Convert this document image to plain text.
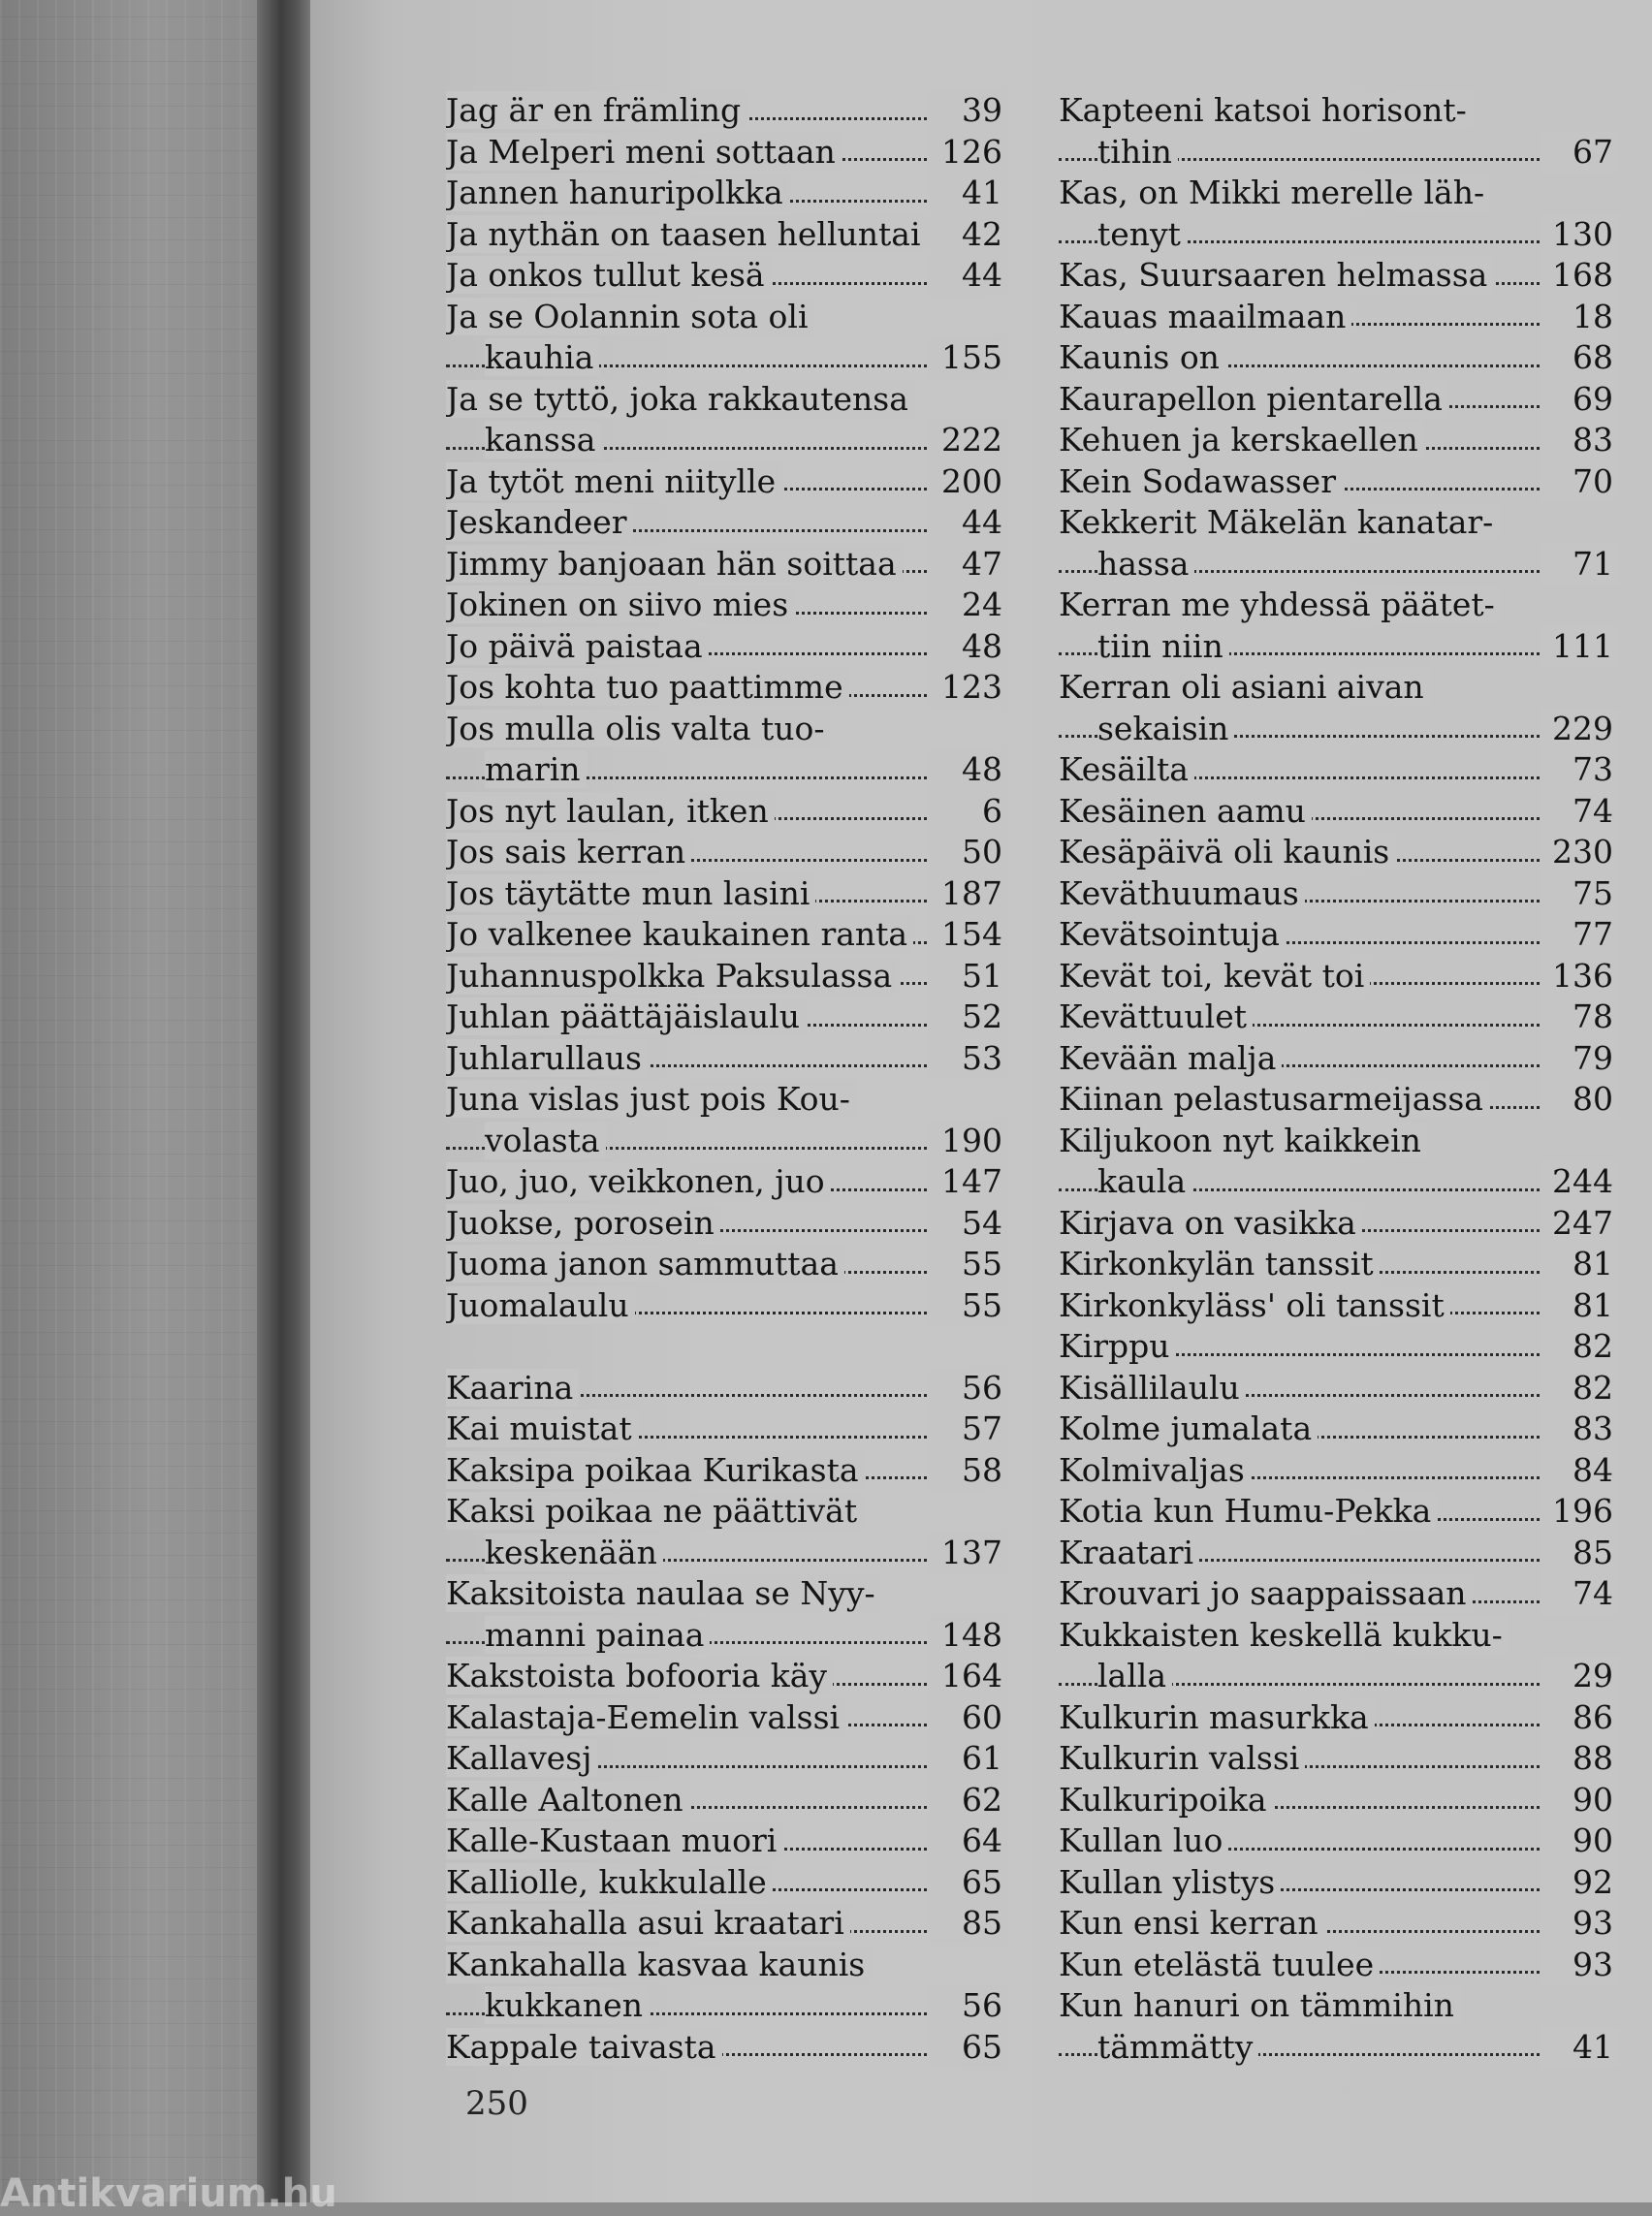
Jag är en främling	39
Ja Melperi meni sottaan	126
Jannen hanuripolkka	41
Ja nythän on taasen helluntai	42
Ja onkos tullut kesä	44
Ja se Oolannin sota oli
kauhia	155
Ja se tyttö, joka rakkautensa
kanssa	222
Ja tytöt meni niitylle	200
Jeskandeer	44
Jimmy banjoaan hän soittaa	47
Jokinen on siivo mies	24
Jo päivä paistaa	48
Jos kohta tuo paattimme	123
Jos mulla olis valta tuo-
marin	48
Jos nyt laulan, itken	6
Jos sais kerran	50
Jos täytätte mun lasini	187
Jo valkenee kaukainen ranta	154
Juhannuspolkka Paksulassa	51
Juhlan päättäjäislaulu	52
Juhlarullaus	53
Juna vislas just pois Kou-
volasta	190
Juo, juo, veikkonen, juo	147
Juokse, porosein	54
Juoma janon sammuttaa	55
Juomalaulu	55
Kaarina	56
Kai muistat	57
Kaksipa poikaa Kurikasta	58
Kaksi poikaa ne päättivät
keskenään	137
Kaksitoista naulaa se Nyy-
manni painaa	148
Kakstoista bofooria käy	164
Kalastaja-Eemelin valssi	60
Kallavesj	61
Kalle Aaltonen	62
Kalle-Kustaan muori	64
Kalliolle, kukkulalle	65
Kankahalla asui kraatari	85
Kankahalla kasvaa kaunis
kukkanen	56
Kappale taivasta	65
Kapteeni katsoi horisont-
tihin	67
Kas, on Mikki merelle läh-
tenyt	130
Kas, Suursaaren helmassa	168
Kauas maailmaan	18
Kaunis on	68
Kaurapellon pientarella	69
Kehuen ja kerskaellen	83
Kein Sodawasser	70
Kekkerit Mäkelän kanatar-
hassa	71
Kerran me yhdessä päätet-
tiin niin	111
Kerran oli asiani aivan
sekaisin	229
Kesäilta	73
Kesäinen aamu	74
Kesäpäivä oli kaunis	230
Keväthuumaus	75
Kevätsointuja	77
Kevät toi, kevät toi	136
Kevättuulet	78
Kevään malja	79
Kiinan pelastusarmeijassa	80
Kiljukoon nyt kaikkein
kaula	244
Kirjava on vasikka	247
Kirkonkylän tanssit	81
Kirkonkyläss' oli tanssit	81
Kirppu	82
Kisällilaulu	82
Kolme jumalata	83
Kolmivaljas	84
Kotia kun Humu-Pekka	196
Kraatari	85
Krouvari jo saappaissaan	74
Kukkaisten keskellä kukku-
lalla	29
Kulkurin masurkka	86
Kulkurin valssi	88
Kulkuripoika	90
Kullan luo	90
Kullan ylistys	92
Kun ensi kerran	93
Kun etelästä tuulee	93
Kun hanuri on tämmihin
tämmätty	41
250
Antikvarium.hu
